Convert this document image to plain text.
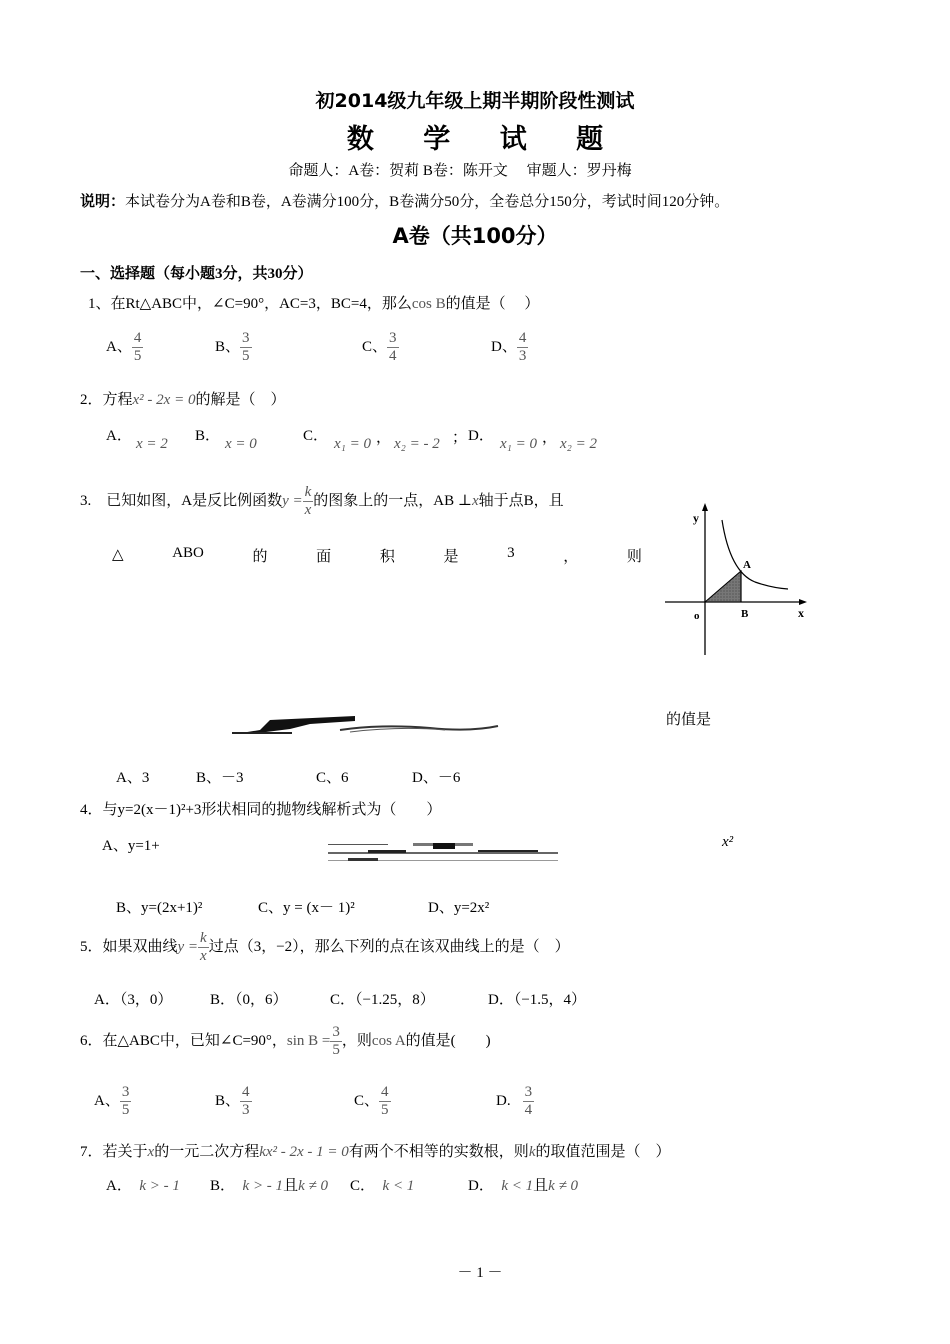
初2014级九年级上期半期阶段性测试
数 学 试 题
命题人：A卷：贺莉 B卷：陈开文　 审题人：罗丹梅
说明：本试卷分为A卷和B卷，A卷满分100分，B卷满分50分，全卷总分150分，考试时间120分钟。
A卷（共100分）
一、选择题（每小题3分，共30分）
1、在Rt△ABC中，∠C=90°，AC=3，BC=4，那么cos B的值是（　 ）
A、 $\frac{4}{5}$	B、 $\frac{3}{5}$	C、 $\frac{3}{4}$	D、 $\frac{4}{3}$
2．方程x² - 2x = 0的解是（　）
A． x = 2 B． x = 0	C． x₁ = 0 ， x₂ = - 2 ； D． x₁ = 0 ， x₂ = 2
3.　已知如图，A是反比例函数$y = \frac{k}{x}$ 的图象上的一点，AB ⊥x轴于点B，且
△	ABO	的	面	积	是	3	，	则
y
x
o
A
B
的值是
A、3	B、－3	C、6	D、－6
4．与y=2(x－1)²+3形状相同的抛物线解析式为（　　）
A、y=1+	x²
B、y=(2x+1)²	C、y = (x－ 1)²	D、y=2x²
5．如果双曲线$y = \frac{k}{x}$ 过点（3，−2），那么下列的点在该双曲线上的是（　）
A．（3，0）	B．（0，6）	C．（−1.25，8）	D．（−1.5，4）
6．在△ABC中，已知∠C=90°，$\sin B = \frac{3}{5}$ ，则cos A的值是(　　)
A、 $\frac{3}{5}$	B、 $\frac{4}{3}$	C、 $\frac{4}{5}$	D. $\frac{3}{4}$
7．若关于x的一元二次方程kx² - 2x - 1 = 0有两个不相等的实数根，则k的取值范围是（　）
A．　 k > - 1 B．　 k > - 1且k ≠ 0 C．　 k < 1	D．　 k < 1且k ≠ 0
－ 1 －
